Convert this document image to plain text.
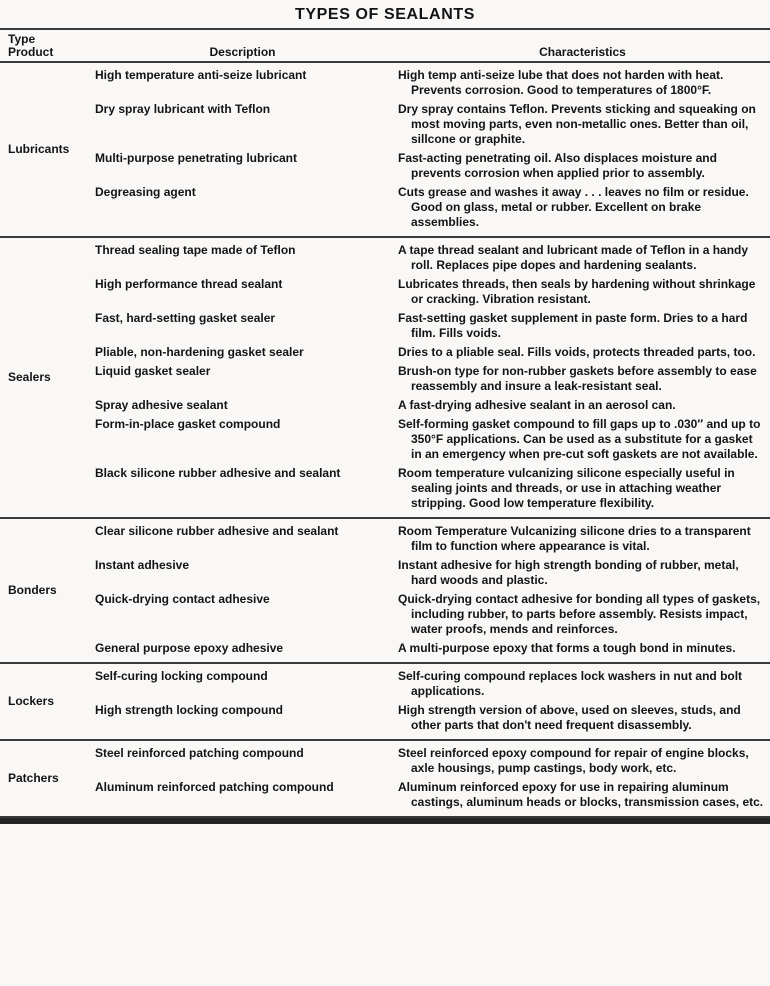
TYPES OF SEALANTS
Type
Product	Description	Characteristics
Lubricants
High temperature anti-seize lubricant	High temp anti-seize lube that does not harden with heat. Prevents corrosion. Good to temperatures of 1800°F.
Dry spray lubricant with Teflon	Dry spray contains Teflon. Prevents sticking and squeaking on most moving parts, even non-metallic ones. Better than oil, sillcone or graphite.
Multi-purpose penetrating lubricant	Fast-acting penetrating oil. Also displaces moisture and prevents corrosion when applied prior to assembly.
Degreasing agent	Cuts grease and washes it away . . . leaves no film or residue. Good on glass, metal or rubber. Excellent on brake assemblies.
Sealers
Thread sealing tape made of Teflon	A tape thread sealant and lubricant made of Teflon in a handy roll. Replaces pipe dopes and hardening sealants.
High performance thread sealant	Lubricates threads, then seals by hardening without shrinkage or cracking. Vibration resistant.
Fast, hard-setting gasket sealer	Fast-setting gasket supplement in paste form. Dries to a hard film. Fills voids.
Pliable, non-hardening gasket sealer	Dries to a pliable seal. Fills voids, protects threaded parts, too.
Liquid gasket sealer	Brush-on type for non-rubber gaskets before assembly to ease reassembly and insure a leak-resistant seal.
Spray adhesive sealant	A fast-drying adhesive sealant in an aerosol can.
Form-in-place gasket compound	Self-forming gasket compound to fill gaps up to .030″ and up to 350°F applications. Can be used as a substitute for a gasket in an emergency when pre-cut soft gaskets are not available.
Black silicone rubber adhesive and sealant	Room temperature vulcanizing silicone especially useful in sealing joints and threads, or use in attaching weather stripping. Good low temperature flexibility.
Bonders
Clear silicone rubber adhesive and sealant	Room Temperature Vulcanizing silicone dries to a transparent film to function where appearance is vital.
Instant adhesive	Instant adhesive for high strength bonding of rubber, metal, hard woods and plastic.
Quick-drying contact adhesive	Quick-drying contact adhesive for bonding all types of gaskets, including rubber, to parts before assembly. Resists impact, water proofs, mends and reinforces.
General purpose epoxy adhesive	A multi-purpose epoxy that forms a tough bond in minutes.
Lockers
Self-curing locking compound	Self-curing compound replaces lock washers in nut and bolt applications.
High strength locking compound	High strength version of above, used on sleeves, studs, and other parts that don't need frequent disassembly.
Patchers
Steel reinforced patching compound	Steel reinforced epoxy compound for repair of engine blocks, axle housings, pump castings, body work, etc.
Aluminum reinforced patching compound	Aluminum reinforced epoxy for use in repairing aluminum castings, aluminum heads or blocks, transmission cases, etc.
